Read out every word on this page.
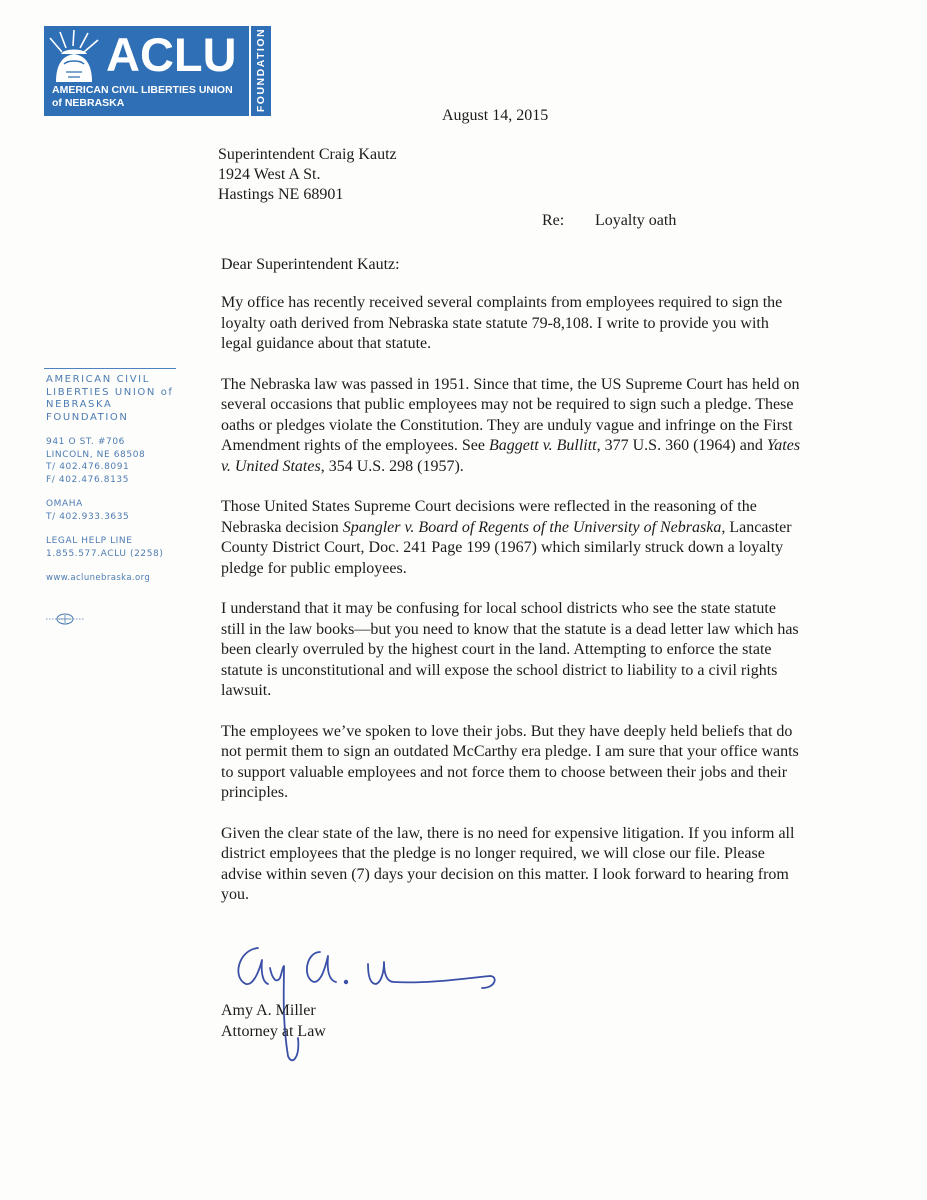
ACLU
AMERICAN CIVIL LIBERTIES UNION
of NEBRASKA	FOUNDATION
AMERICAN CIVIL
LIBERTIES UNION of
NEBRASKA
FOUNDATION
941 O ST. #706
LINCOLN, NE 68508
T/ 402.476.8091
F/ 402.476.8135
OMAHA
T/ 402.933.3635
LEGAL HELP LINE
1.855.577.ACLU (2258)
www.aclunebraska.org
August 14, 2015
Superintendent Craig Kautz
1924 West A St.
Hastings NE 68901
Re: Loyalty oath
Dear Superintendent Kautz:

My office has recently received several complaints from employees required to sign the loyalty oath derived from Nebraska state statute 79-8,108. I write to provide you with legal guidance about that statute.

The Nebraska law was passed in 1951. Since that time, the US Supreme Court has held on several occasions that public employees may not be required to sign such a pledge. These oaths or pledges violate the Constitution. They are unduly vague and infringe on the First Amendment rights of the employees. See Baggett v. Bullitt, 377 U.S. 360 (1964) and Yates v. United States, 354 U.S. 298 (1957).

Those United States Supreme Court decisions were reflected in the reasoning of the Nebraska decision Spangler v. Board of Regents of the University of Nebraska, Lancaster County District Court, Doc. 241 Page 199 (1967) which similarly struck down a loyalty pledge for public employees.

I understand that it may be confusing for local school districts who see the state statute still in the law books—but you need to know that the statute is a dead letter law which has been clearly overruled by the highest court in the land. Attempting to enforce the state statute is unconstitutional and will expose the school district to liability to a civil rights lawsuit.

The employees we’ve spoken to love their jobs. But they have deeply held beliefs that do not permit them to sign an outdated McCarthy era pledge. I am sure that your office wants to support valuable employees and not force them to choose between their jobs and their principles.

Given the clear state of the law, there is no need for expensive litigation. If you inform all district employees that the pledge is no longer required, we will close our file. Please advise within seven (7) days your decision on this matter. I look forward to hearing from you.

Amy A. Miller
Attorney at Law
